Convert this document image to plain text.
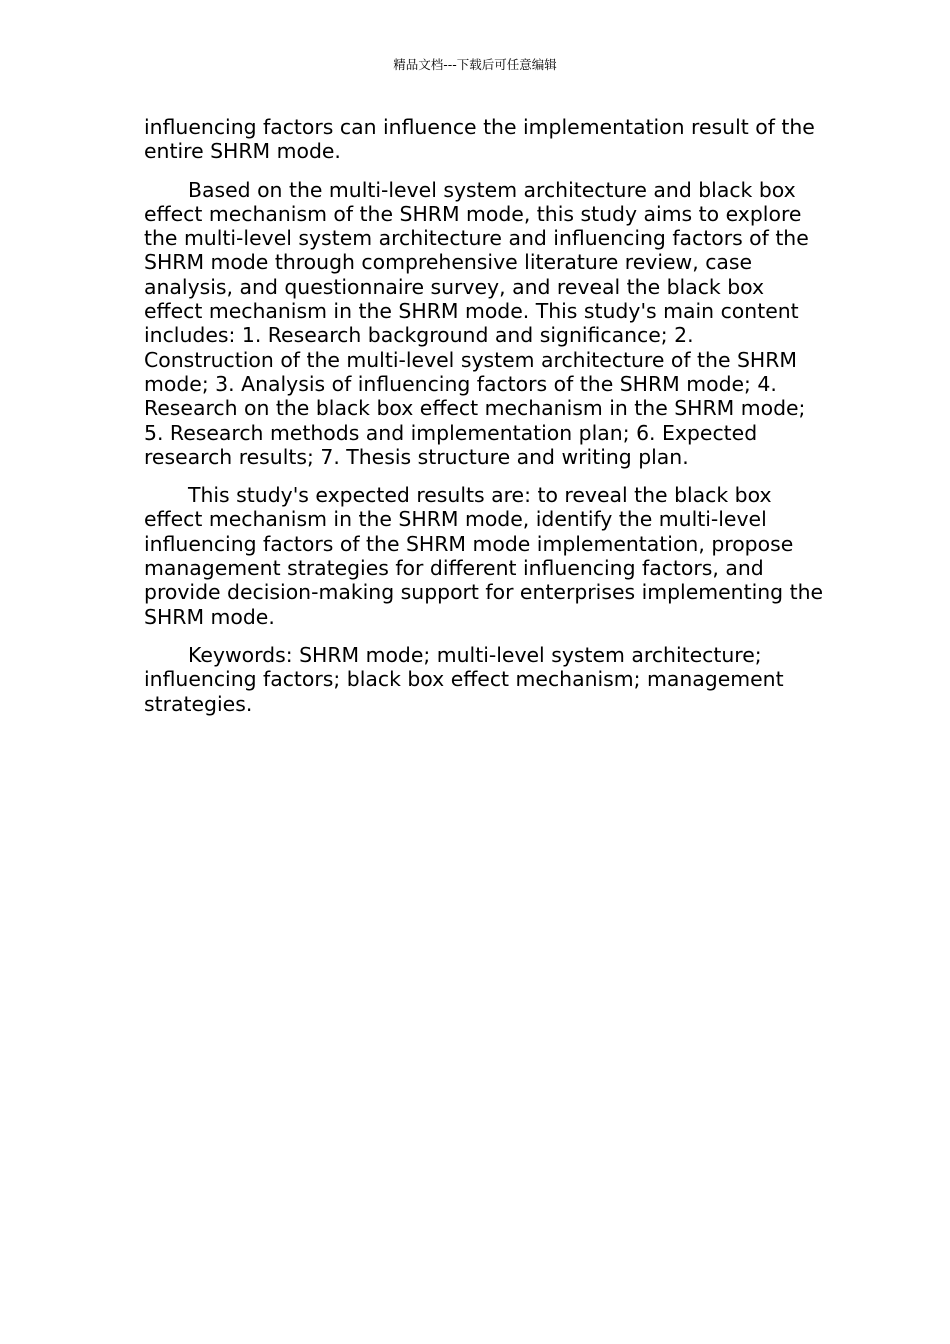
精品文档---下载后可任意编辑

influencing factors can influence the implementation result of the entire SHRM mode.

Based on the multi-level system architecture and black box effect mechanism of the SHRM mode, this study aims to explore the multi-level system architecture and influencing factors of the SHRM mode through comprehensive literature review, case analysis, and questionnaire survey, and reveal the black box effect mechanism in the SHRM mode. This study's main content includes: 1. Research background and significance; 2. Construction of the multi-level system architecture of the SHRM mode; 3. Analysis of influencing factors of the SHRM mode; 4. Research on the black box effect mechanism in the SHRM mode; 5. Research methods and implementation plan; 6. Expected research results; 7. Thesis structure and writing plan.

This study's expected results are: to reveal the black box effect mechanism in the SHRM mode, identify the multi-level influencing factors of the SHRM mode implementation, propose management strategies for different influencing factors, and provide decision-making support for enterprises implementing the SHRM mode.

Keywords: SHRM mode; multi-level system architecture; influencing factors; black box effect mechanism; management strategies.
